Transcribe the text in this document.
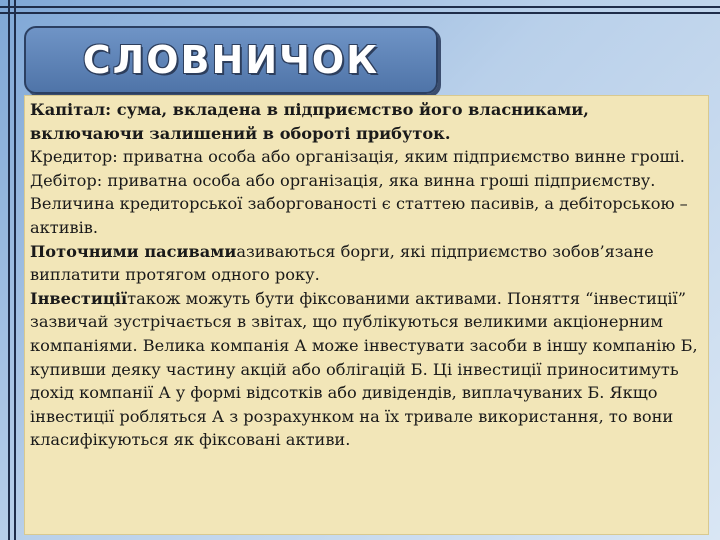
СЛОВНИЧОК

Капітал: сума, вкладена в підприємство його власниками, включаючи залишений в обороті прибуток.

Кредитор: приватна особа або організація, яким підприємство винне гроші.

Дебітор: приватна особа або організація, яка винна гроші підприємству.

Величина кредиторської заборгованості є статтею пасивів, а дебіторською – активів.

Поточними пасивамиазиваються борги, які підприємство зобов’язане виплатити протягом одного року.

Інвестиціїтакож можуть бути фіксованими активами. Поняття “інвестиції” зазвичай зустрічається в звітах, що публікуються великими акціонерним компаніями. Велика компанія А може інвестувати засоби в іншу компанію Б, купивши деяку частину акцій або облігацій Б. Ці інвестиції приноситимуть дохід компанії А у формі відсотків або дивідендів, виплачуваних Б. Якщо інвестиції робляться А з розрахунком на їх тривале використання, то вони класифікуються як фіксовані активи.
